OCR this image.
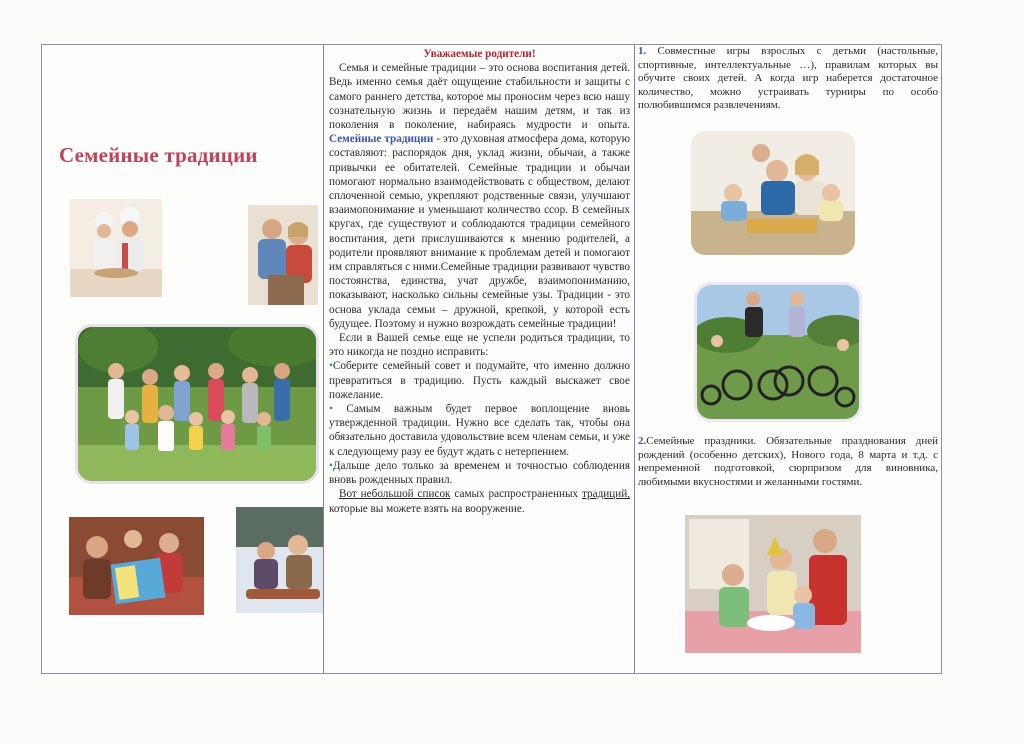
Семейные традиции

Уважаемые родители!

Семья и семейные традиции – это основа воспитания детей. Ведь именно семья даёт ощущение стабильности и защиты с самого раннего детства, которое мы проносим через всю нашу сознательную жизнь и передаём нашим детям, и так из поколения в поколение, набираясь мудрости и опыта. Семейные традиции - это духовная атмосфера дома, которую составляют: распорядок дня, уклад жизни, обычаи, а также привычки ее обитателей. Семейные традиции и обычаи помогают нормально взаимодействовать с обществом, делают сплоченной семью, укрепляют родственные связи, улучшают взаимопонимание и уменьшают количество ссор. В семейных кругах, где существуют и соблюдаются традиции семейного воспитания, дети прислушиваются к мнению родителей, а родители проявляют внимание к проблемам детей и помогают им справляться с ними.Семейные традиции развивают чувство постоянства, единства, учат дружбе, взаимопониманию, показывают, насколько сильны семейные узы. Традиции - это основа уклада семьи – дружной, крепкой, у которой есть будущее. Поэтому и нужно возрождать семейные традиции!

Если в Вашей семье еще не успели родиться традиции, то это никогда не поздно исправить:

•Соберите семейный совет и подумайте, что именно должно превратиться в традицию. Пусть каждый выскажет свое пожелание.

• Самым важным будет первое воплощение вновь утвержденной традиции. Нужно все сделать так, чтобы она обязательно доставила удовольствие всем членам семьи, и уже к следующему разу ее будут ждать с нетерпением.

•Дальше дело только за временем и точностью соблюдения вновь рожденных правил.

Вот небольшой список самых распространенных традиций, которые вы можете взять на вооружение.

1. Совместные игры взрослых с детьми (настольные, спортивные, интеллектуальные …), правилам которых вы обучите своих детей. А когда игр наберется достаточное количество, можно устраивать турниры по особо полюбившимся развлечениям.
2.Семейные праздники. Обязательные празднования дней рождений (особенно детских), Нового года, 8 марта и т.д. с непременной подготовкой, сюрпризом для виновника, любимыми вкусностями и желанными гостями.
